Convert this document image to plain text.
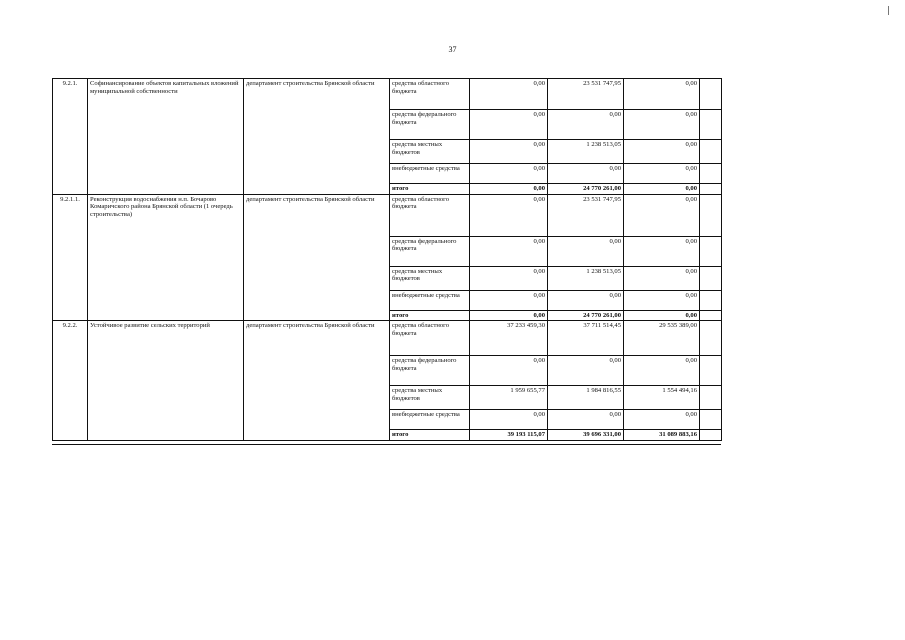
37
9.2.1.	Софинансирование объектов капитальных вложений муниципальной собственности	департамент строительства Брянской области	средства областного бюджета	0,00	23 531 747,95	0,00	
			средства федерального бюджета	0,00	0,00	0,00	
			средства местных бюджетов	0,00	1 238 513,05	0,00	
			внебюджетные средства	0,00	0,00	0,00	
			итого	0,00	24 770 261,00	0,00	
9.2.1.1.	Реконструкция водоснабжения н.п. Бочарово Комаричского района Брянской области (1 очередь строительства)	департамент строительства Брянской области	средства областного бюджета	0,00	23 531 747,95	0,00	
			средства федерального бюджета	0,00	0,00	0,00	
			средства местных бюджетов	0,00	1 238 513,05	0,00	
			внебюджетные средства	0,00	0,00	0,00	
			итого	0,00	24 770 261,00	0,00	
9.2.2.	Устойчивое развитие сельских территорий	департамент строительства Брянской области	средства областного бюджета	37 233 459,30	37 711 514,45	29 535 389,00	
			средства федерального бюджета	0,00	0,00	0,00	
			средства местных бюджетов	1 959 655,77	1 984 816,55	1 554 494,16	
			внебюджетные средства	0,00	0,00	0,00	
			итого	39 193 115,07	39 696 331,00	31 089 883,16	
